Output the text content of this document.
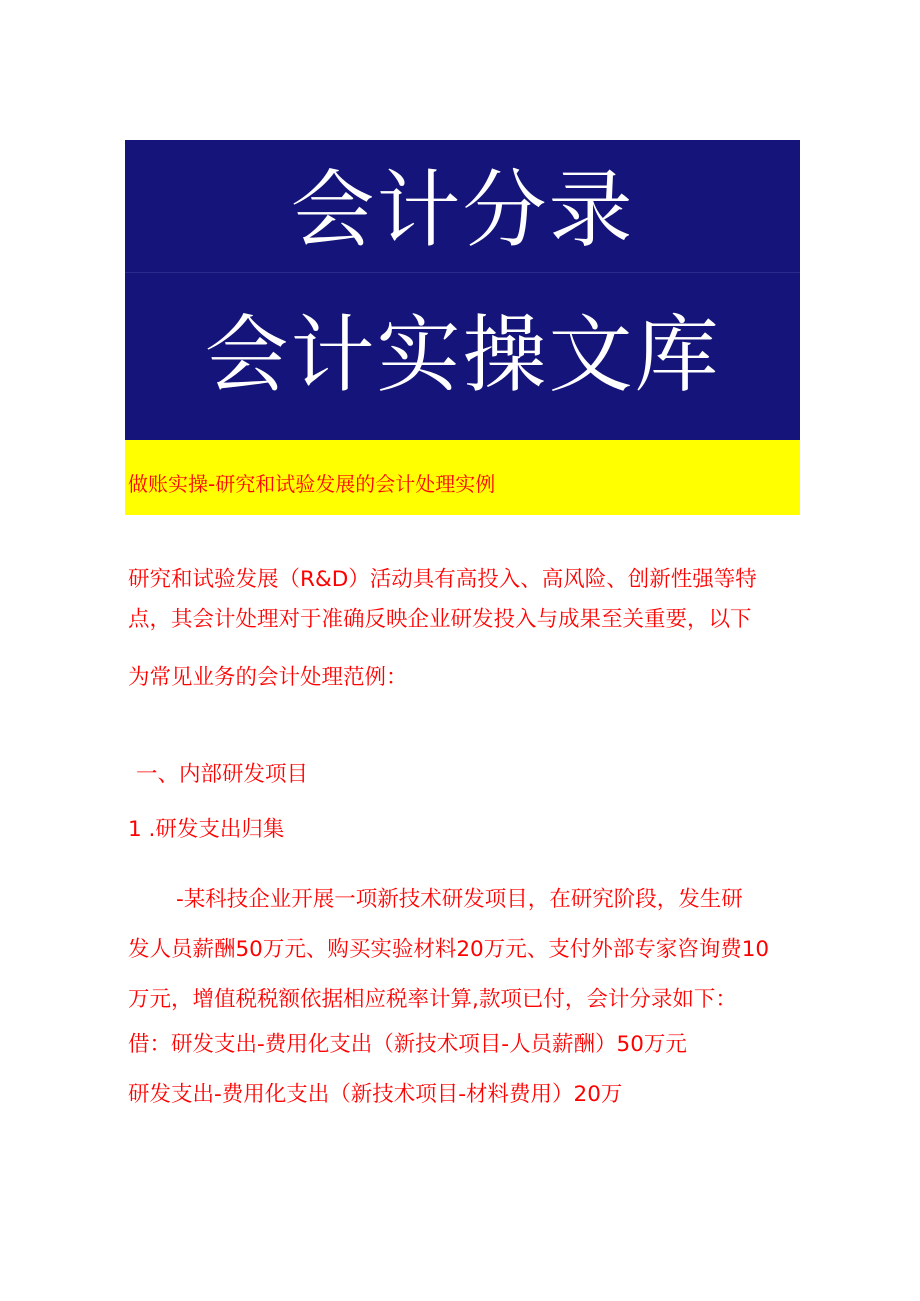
会计分录
会计实操文库
做账实操-研究和试验发展的会计处理实例
研究和试验发展（R&D）活动具有高投入、高风险、创新性强等特
点，其会计处理对于准确反映企业研发投入与成果至关重要，以下
为常见业务的会计处理范例：
一、内部研发项目
1 .研发支出归集
-某科技企业开展一项新技术研发项目，在研究阶段，发生研
发人员薪酬50万元、购买实验材料20万元、支付外部专家咨询费10
万元，增值税税额依据相应税率计算,款项已付，会计分录如下：
借：研发支出-费用化支出（新技术项目-人员薪酬）50万元
研发支出-费用化支出（新技术项目-材料费用）20万
